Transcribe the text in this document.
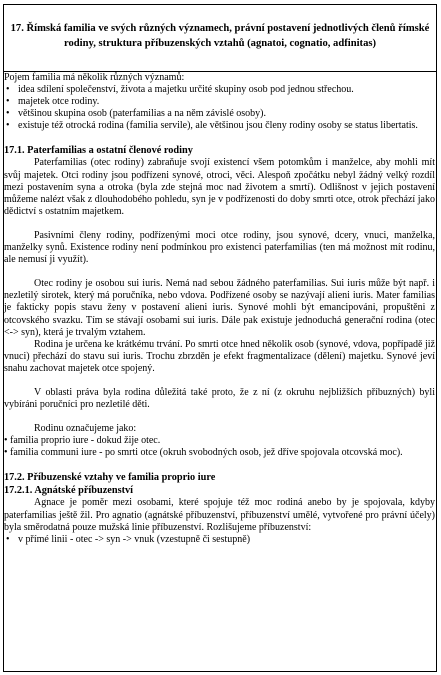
17. Římská familia ve svých různých významech, právní postavení jednotlivých členů římské rodiny, struktura příbuzenských vztahů (agnatoi, cognatio, adfinitas)

Pojem familia má několik různých významů:

• idea sdílení společenství, života a majetku určité skupiny osob pod jednou střechou.
• majetek otce rodiny.
• většinou skupina osob (paterfamilias a na něm závislé osoby).
• existuje též otrocká rodina (familia servile), ale většinou jsou členy rodiny osoby se status libertatis.
17.1. Paterfamilias a ostatní členové rodiny

Paterfamilias (otec rodiny) zabraňuje svojí existencí všem potomkům i manželce, aby mohli mít svůj majetek. Otci rodiny jsou podřízeni synové, otroci, věci. Alespoň zpočátku nebyl žádný velký rozdíl mezi postavením syna a otroka (byla zde stejná moc nad životem a smrtí). Odlišnost v jejich postavení můžeme nalézt však z dlouhodobého pohledu, syn je v podřízenosti do doby smrti otce, otrok přechází jako dědictví s ostatním majetkem.

Pasivními členy rodiny, podřízenými moci otce rodiny, jsou synové, dcery, vnuci, manželka, manželky synů. Existence rodiny není podmínkou pro existenci paterfamilias (ten má možnost mít rodinu, ale nemusí ji využít).

Otec rodiny je osobou sui iuris. Nemá nad sebou žádného paterfamilias. Sui iuris může být např. i nezletilý sirotek, který má poručníka, nebo vdova. Podřízené osoby se nazývají alieni iuris. Mater familias je fakticky popis stavu ženy v postavení alieni iuris. Synové mohli být emancipováni, propuštěni z otcovského svazku. Tím se stávají osobami sui iuris. Dále pak existuje jednoduchá generační rodina (otec <-> syn), která je trvalým vztahem.

Rodina je určena ke krátkému trvání. Po smrti otce hned několik osob (synové, vdova, popřípadě již vnuci) přechází do stavu sui iuris. Trochu zbrzděn je efekt fragmentalizace (dělení) majetku. Synové jeví snahu zachovat majetek otce spojený.

V oblasti práva byla rodina důležitá také proto, že z ní (z okruhu nejbližších příbuzných) byli vybíráni poručníci pro nezletilé děti.

Rodinu označujeme jako:

• familia proprio iure - dokud žije otec.

• familia communi iure - po smrti otce (okruh svobodných osob, jež dříve spojovala otcovská moc).

17.2. Příbuzenské vztahy ve familia proprio iure
17.2.1. Agnátské příbuzenství

Agnace je poměr mezi osobami, které spojuje též moc rodiná anebo by je spojovala, kdyby paterfamilias ještě žil. Pro agnatio (agnátské příbuzenství, příbuzenství umělé, vytvořené pro právní účely) byla směrodatná pouze mužská linie příbuzenství. Rozlišujeme příbuzenství:

• v přímé linii - otec -> syn -> vnuk (vzestupně či sestupně)
